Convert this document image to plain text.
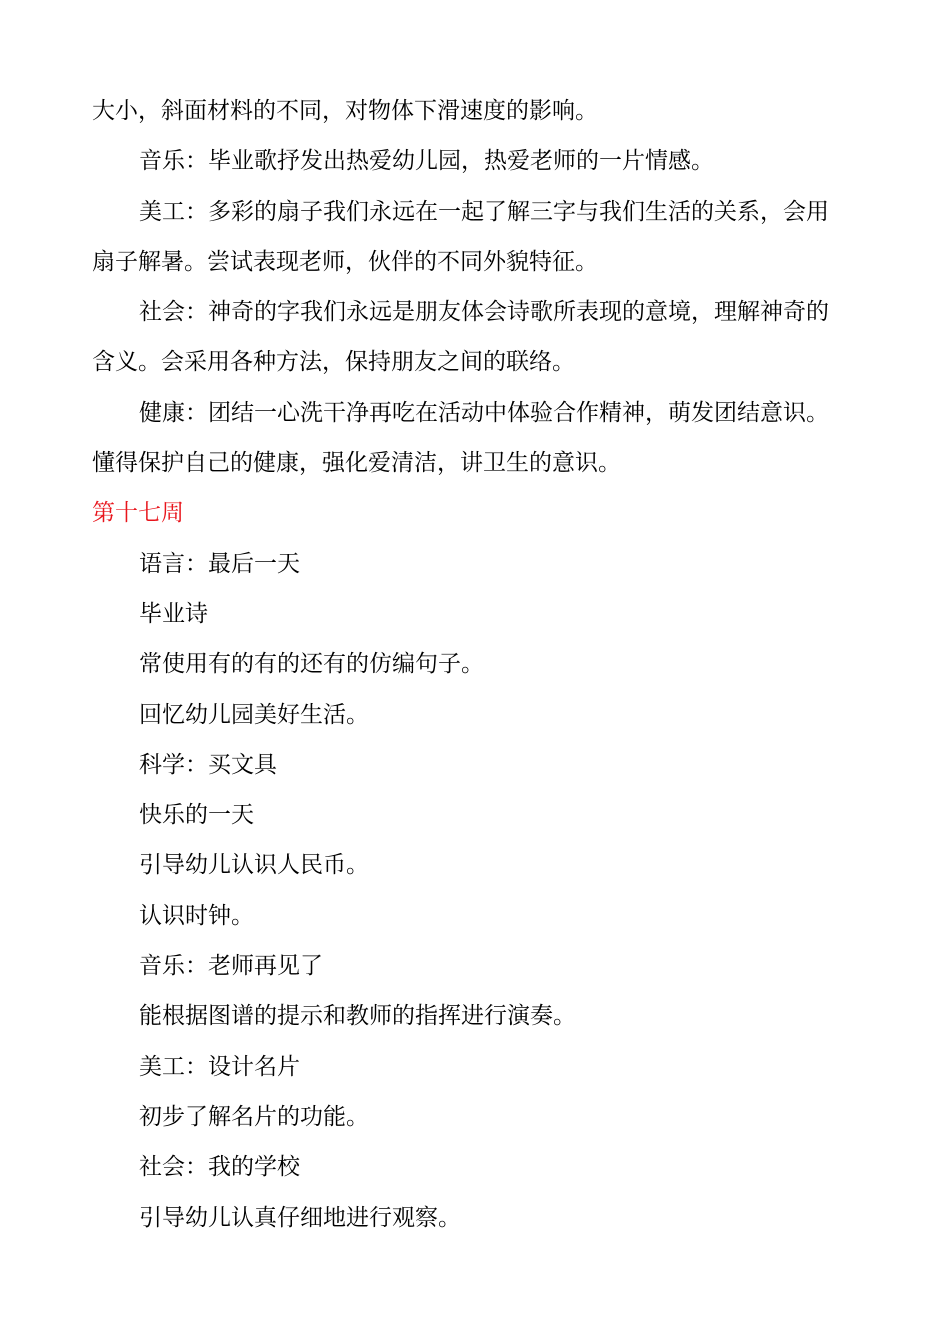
大小，斜面材料的不同，对物体下滑速度的影响。
音乐：毕业歌抒发出热爱幼儿园，热爱老师的一片情感。
美工：多彩的扇子我们永远在一起了解三字与我们生活的关系，会用
扇子解暑。尝试表现老师，伙伴的不同外貌特征。
社会：神奇的字我们永远是朋友体会诗歌所表现的意境，理解神奇的
含义。会采用各种方法，保持朋友之间的联络。
健康：团结一心洗干净再吃在活动中体验合作精神，萌发团结意识。
懂得保护自己的健康，强化爱清洁，讲卫生的意识。
第十七周
语言：最后一天
毕业诗
常使用有的有的还有的仿编句子。
回忆幼儿园美好生活。
科学：买文具
快乐的一天
引导幼儿认识人民币。
认识时钟。
音乐：老师再见了
能根据图谱的提示和教师的指挥进行演奏。
美工：设计名片
初步了解名片的功能。
社会：我的学校
引导幼儿认真仔细地进行观察。
